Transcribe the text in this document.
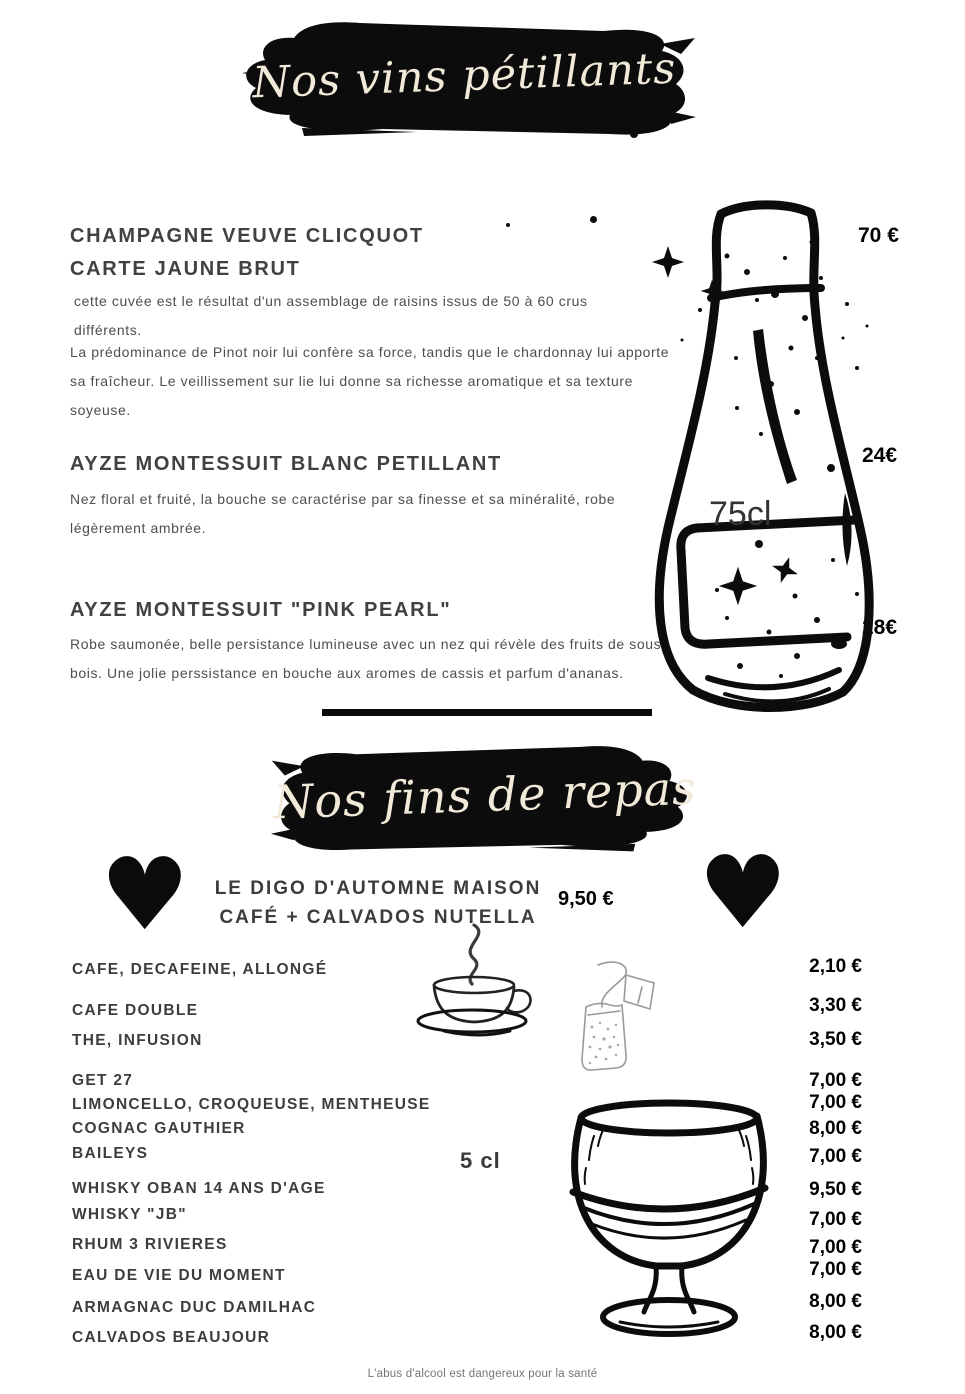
Nos vins pétillants
CHAMPAGNE VEUVE CLICQUOT
CARTE JAUNE BRUT
70 €
cette cuvée est le résultat d'un assemblage de raisins issus de 50 à 60 crus différents.
La prédominance de Pinot noir lui confère sa force, tandis que le chardonnay lui apporte sa fraîcheur. Le veillissement sur lie lui donne sa richesse aromatique et sa texture soyeuse.
AYZE MONTESSUIT BLANC PETILLANT	24€
Nez floral et fruité, la bouche se caractérise par sa finesse et sa minéralité, robe légèrement ambrée.
AYZE MONTESSUIT "PINK PEARL"
28€
Robe saumonée, belle persistance lumineuse avec un nez qui révèle des fruits de sous bois. Une jolie perssistance en bouche aux aromes de cassis et parfum d'ananas.
75cl
Nos fins de repas
♥	♥
LE DIGO D'AUTOMNE MAISON
CAFÉ + CALVADOS NUTELLA
9,50 €
5 cl
CAFE, DECAFEINE, ALLONGÉ	2,10 €
CAFE DOUBLE	3,30 €
THE, INFUSION	3,50 €
GET 27	7,00 €
LIMONCELLO, CROQUEUSE, MENTHEUSE	7,00 €
COGNAC GAUTHIER	8,00 €
BAILEYS	7,00 €
WHISKY OBAN 14 ANS D'AGE	9,50 €
WHISKY "JB"	7,00 €
RHUM 3 RIVIERES	7,00 €
EAU DE VIE DU MOMENT	7,00 €
ARMAGNAC DUC DAMILHAC	8,00 €
CALVADOS BEAUJOUR	8,00 €
L'abus d'alcool est dangereux pour la santé
